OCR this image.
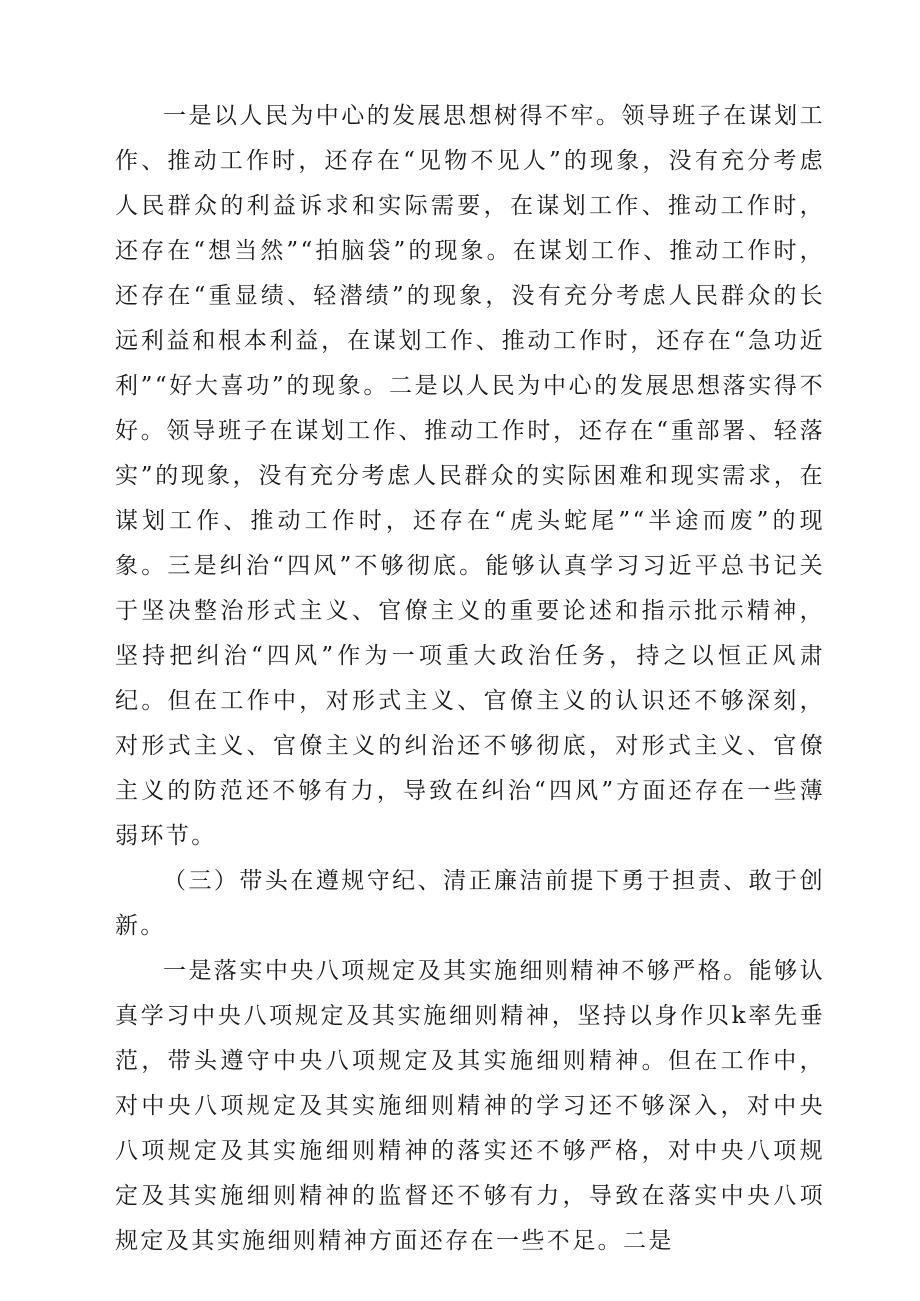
一是以人民为中心的发展思想树得不牢。领导班子在谋划工作、推动工作时，还存在“见物不见人”的现象，没有充分考虑人民群众的利益诉求和实际需要，在谋划工作、推动工作时，还存在“想当然”“拍脑袋”的现象。在谋划工作、推动工作时，还存在“重显绩、轻潜绩”的现象，没有充分考虑人民群众的长远利益和根本利益，在谋划工作、推动工作时，还存在“急功近利”“好大喜功”的现象。二是以人民为中心的发展思想落实得不好。领导班子在谋划工作、推动工作时，还存在“重部署、轻落实”的现象，没有充分考虑人民群众的实际困难和现实需求，在谋划工作、推动工作时，还存在“虎头蛇尾”“半途而废”的现象。三是纠治“四风”不够彻底。能够认真学习习近平总书记关于坚决整治形式主义、官僚主义的重要论述和指示批示精神，坚持把纠治“四风”作为一项重大政治任务，持之以恒正风肃纪。但在工作中，对形式主义、官僚主义的认识还不够深刻，对形式主义、官僚主义的纠治还不够彻底，对形式主义、官僚主义的防范还不够有力，导致在纠治“四风”方面还存在一些薄弱环节。

（三）带头在遵规守纪、清正廉洁前提下勇于担责、敢于创新。

一是落实中央八项规定及其实施细则精神不够严格。能够认真学习中央八项规定及其实施细则精神，坚持以身作贝k率先垂范，带头遵守中央八项规定及其实施细则精神。但在工作中，对中央八项规定及其实施细则精神的学习还不够深入，对中央八项规定及其实施细则精神的落实还不够严格，对中央八项规定及其实施细则精神的监督还不够有力，导致在落实中央八项规定及其实施细则精神方面还存在一些不足。二是
